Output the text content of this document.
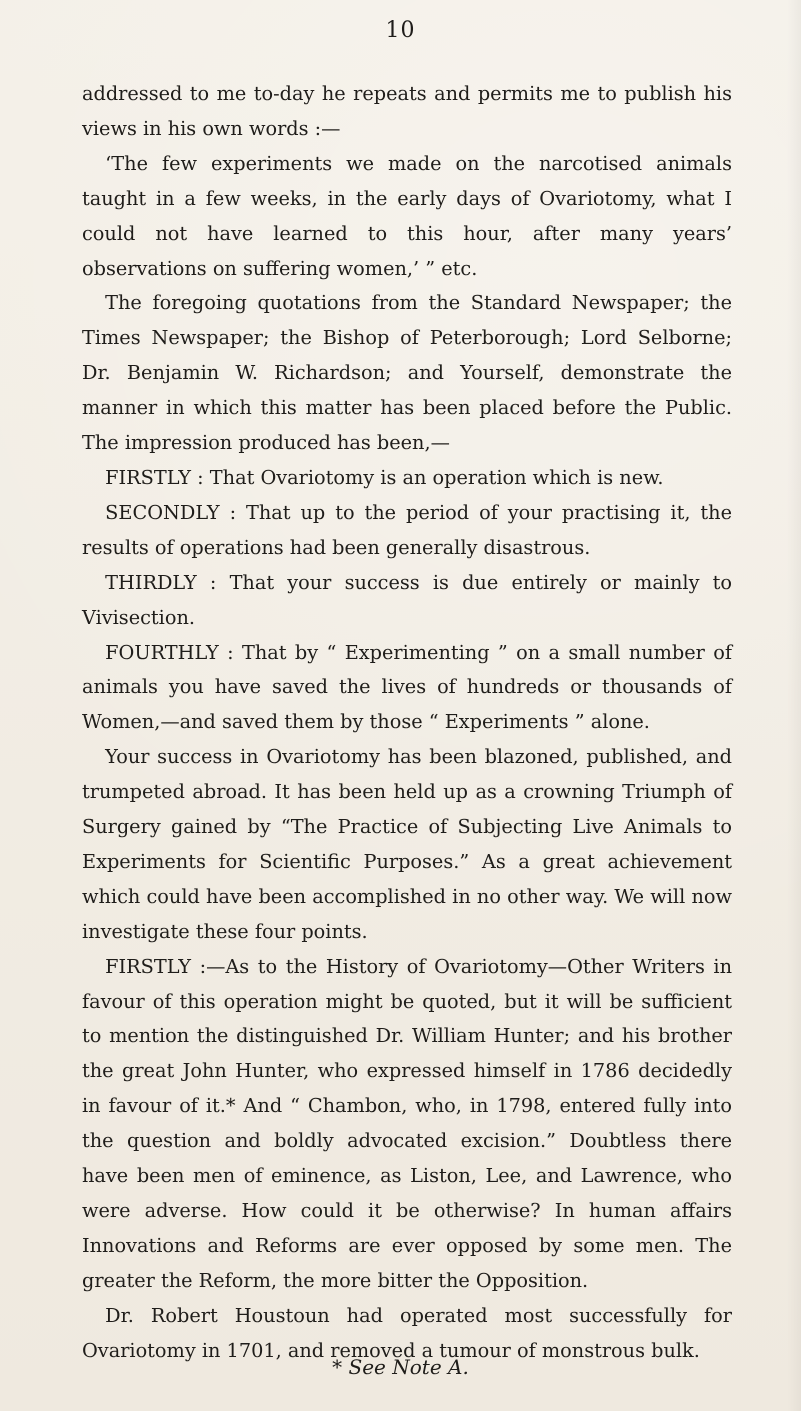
10

addressed to me to-day he repeats and permits me to publish his views in his own words :—

‘The few experiments we made on the narcotised animals taught in a few weeks, in the early days of Ovariotomy, what I could not have learned to this hour, after many years’ observations on suffering women,’ ” etc.

The foregoing quotations from the Standard Newspaper; the Times Newspaper; the Bishop of Peterborough; Lord Selborne; Dr. Benjamin W. Richardson; and Yourself, demonstrate the manner in which this matter has been placed before the Public. The impression produced has been,—

FIRSTLY : That Ovariotomy is an operation which is new.

SECONDLY : That up to the period of your practising it, the results of operations had been generally disastrous.

THIRDLY : That your success is due entirely or mainly to Vivisection.

FOURTHLY : That by “ Experimenting ” on a small number of animals you have saved the lives of hundreds or thousands of Women,—and saved them by those “ Experiments ” alone.

Your success in Ovariotomy has been blazoned, published, and trumpeted abroad. It has been held up as a crowning Triumph of Surgery gained by “The Practice of Subjecting Live Animals to Experiments for Scientific Purposes.” As a great achievement which could have been accomplished in no other way. We will now investigate these four points.

FIRSTLY :—As to the History of Ovariotomy—Other Writers in favour of this operation might be quoted, but it will be sufficient to mention the distinguished Dr. William Hunter; and his brother the great John Hunter, who expressed himself in 1786 decidedly in favour of it.* And “ Chambon, who, in 1798, entered fully into the question and boldly advocated excision.” Doubtless there have been men of eminence, as Liston, Lee, and Lawrence, who were adverse. How could it be otherwise? In human affairs Innovations and Reforms are ever opposed by some men. The greater the Reform, the more bitter the Opposition.

Dr. Robert Houstoun had operated most successfully for Ovariotomy in 1701, and removed a tumour of monstrous bulk.

* See Note A.
